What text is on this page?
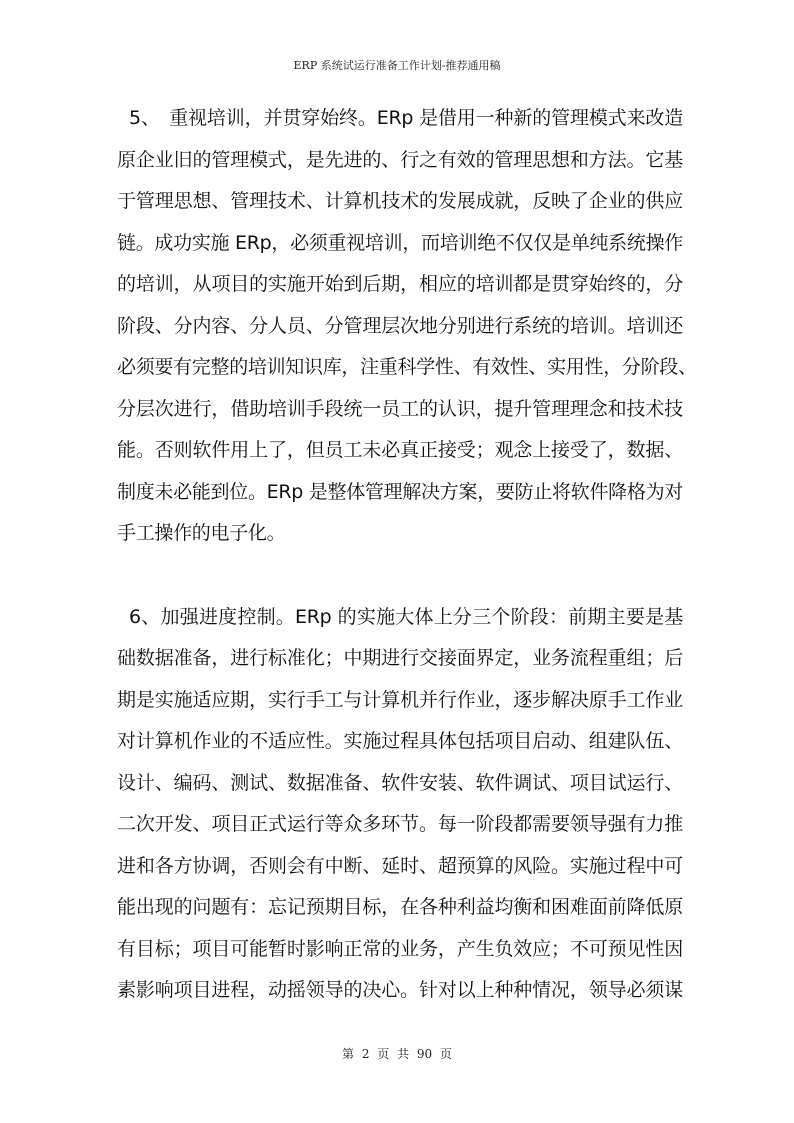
ERP 系统试运行准备工作计划-推荐通用稿
5、　重视培训，并贯穿始终。ERp 是借用一种新的管理模式来改造
原企业旧的管理模式，是先进的、行之有效的管理思想和方法。它基
于管理思想、管理技术、计算机技术的发展成就，反映了企业的供应
链。成功实施 ERp，必须重视培训，而培训绝不仅仅是单纯系统操作
的培训，从项目的实施开始到后期，相应的培训都是贯穿始终的，分
阶段、分内容、分人员、分管理层次地分别进行系统的培训。培训还
必须要有完整的培训知识库，注重科学性、有效性、实用性，分阶段、
分层次进行，借助培训手段统一员工的认识，提升管理理念和技术技
能。否则软件用上了，但员工未必真正接受；观念上接受了，数据、
制度未必能到位。ERp 是整体管理解决方案，要防止将软件降格为对
手工操作的电子化。
6、加强进度控制。ERp 的实施大体上分三个阶段：前期主要是基
础数据准备，进行标准化；中期进行交接面界定，业务流程重组；后
期是实施适应期，实行手工与计算机并行作业，逐步解决原手工作业
对计算机作业的不适应性。实施过程具体包括项目启动、组建队伍、
设计、编码、测试、数据准备、软件安装、软件调试、项目试运行、
二次开发、项目正式运行等众多环节。每一阶段都需要领导强有力推
进和各方协调，否则会有中断、延时、超预算的风险。实施过程中可
能出现的问题有：忘记预期目标，在各种利益均衡和困难面前降低原
有目标；项目可能暂时影响正常的业务，产生负效应；不可预见性因
素影响项目进程，动摇领导的决心。针对以上种种情况，领导必须谋
第 2 页 共 90 页
